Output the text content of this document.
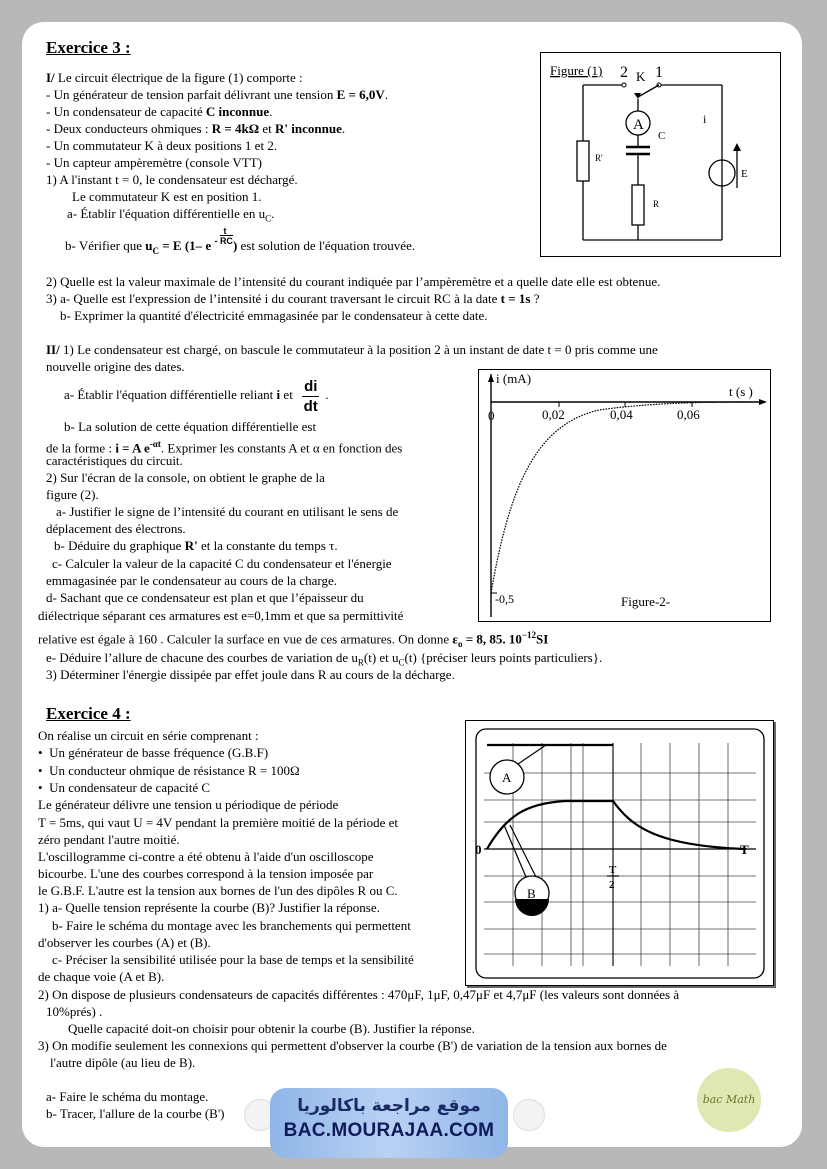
Exercice 3 :
I/ Le circuit électrique de la figure (1) comporte :
- Un générateur de tension parfait délivrant une tension E = 6,0V.
- Un condensateur de capacité C inconnue.
- Deux conducteurs ohmiques : R = 4kΩ et R' inconnue.
- Un commutateur K à deux positions 1 et 2.
- Un capteur ampèremètre (console VTT)
1) A l'instant t = 0, le condensateur est déchargé.
Le commutateur K est en position 1.
a- Établir l'équation différentielle en $u_C$.
b- Vérifier que $u_C = E$ (1– e
t
- RC ) est solution de l'équation trouvée.
2) Quelle est la valeur maximale de l’intensité du courant indiquée par l’ampèremètre et a quelle date elle est obtenue.
3) a- Quelle est l'expression de l’intensité i du courant traversant le circuit RC à la date t = 1s ?
b- Exprimer la quantité d'électricité emmagasinée par le condensateur à cette date.
II/ 1) Le condensateur est chargé, on bascule le commutateur à la position 2 à un instant de date t = 0 pris comme une
nouvelle origine des dates.
a- Établir l'équation différentielle reliant i et $\frac{di}{dt}$ .
b- La solution de cette équation différentielle est
de la forme : i = A $e^{-\alpha t}$. Exprimer les constants A et α en fonction des
caractéristiques du circuit.
2) Sur l'écran de la console, on obtient le graphe de la
figure (2).
a- Justifier le signe de l’intensité du courant en utilisant le sens de
déplacement des électrons.
b- Déduire du graphique R' et la constante du temps τ.
c- Calculer la valeur de la capacité C du condensateur et l'énergie
emmagasinée par le condensateur au cours de la charge.
d- Sachant que ce condensateur est plan et que l’épaisseur du
diélectrique séparant ces armatures est e=0,1mm et que sa permittivité
relative est égale à 160 . Calculer la surface en vue de ces armatures. On donne $\varepsilon_o = 8$, 85. $10^{-12}SI$
e- Déduire l’allure de chacune des courbes de variation de $u_R(t)$ et $u_C(t)$ {préciser leurs points particuliers}.
3) Déterminer l'énergie dissipée par effet joule dans R au cours de la décharge.
Figure (1) 2 K 1
R'
A
C
R
i
E
i (mA)
t (s )
0	0,02	0,04	0,06
-0,5	Figure-2-
Exercice 4 :
On réalise un circuit en série comprenant :
•  Un générateur de basse fréquence (G.B.F)
•  Un conducteur ohmique de résistance R = 100Ω
•  Un condensateur de capacité C
Le générateur délivre une tension u périodique de période
T = 5ms, qui vaut U = 4V pendant la première moitié de la période et
zéro pendant l'autre moitié.
L'oscillogramme ci-contre a été obtenu à l'aide d'un oscilloscope
bicourbe. L'une des courbes correspond à la tension imposée par
le G.B.F. L'autre est la tension aux bornes de l'un des dipôles R ou C.
1) a- Quelle tension représente la courbe (B)? Justifier la réponse.
b- Faire le schéma du montage avec les branchements qui permettent
d'observer les courbes (A) et (B).
c- Préciser la sensibilité utilisée pour la base de temps et la sensibilité
de chaque voie (A et B).
2) On dispose de plusieurs condensateurs de capacités différentes : 470μF, 1μF, 0,47μF et 4,7μF (les valeurs sont données à
10%prés) .
Quelle capacité doit-on choisir pour obtenir la courbe (B). Justifier la réponse.
3) On modifie seulement les connexions qui permettent d'observer la courbe (B') de variation de la tension aux bornes de
l'autre dipôle (au lieu de B).
a- Faire le schéma du montage.
b- Tracer, l'allure de la courbe (B')
A
B
0	T
T
2
موقع مراجعة باكالوريا
BAC.MOURAJAA.COM
bac Math
